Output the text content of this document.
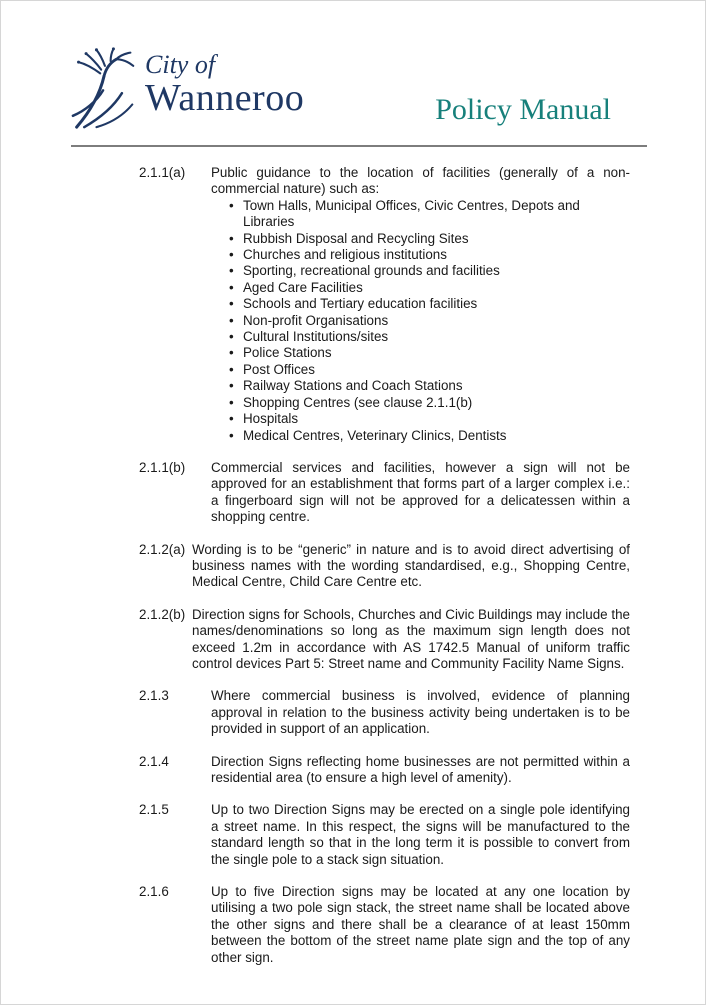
City of
Wanneroo	Policy Manual
2.1.1(a)	Public guidance to the location of facilities (generally of a non-commercial nature) such as:

• Town Halls, Municipal Offices, Civic Centres, Depots and Libraries
• Rubbish Disposal and Recycling Sites
• Churches and religious institutions
• Sporting, recreational grounds and facilities
• Aged Care Facilities
• Schools and Tertiary education facilities
• Non-profit Organisations
• Cultural Institutions/sites
• Police Stations
• Post Offices
• Railway Stations and Coach Stations
• Shopping Centres (see clause 2.1.1(b)
• Hospitals
• Medical Centres, Veterinary Clinics, Dentists
2.1.1(b)	Commercial services and facilities, however a sign will not be approved for an establishment that forms part of a larger complex i.e.: a fingerboard sign will not be approved for a delicatessen within a shopping centre.

2.1.2(a) Wording is to be “generic” in nature and is to avoid direct advertising of business names with the wording standardised, e.g., Shopping Centre, Medical Centre, Child Care Centre etc.

2.1.2(b) Direction signs for Schools, Churches and Civic Buildings may include the names/denominations so long as the maximum sign length does not exceed 1.2m in accordance with AS 1742.5 Manual of uniform traffic control devices Part 5: Street name and Community Facility Name Signs.

2.1.3	Where commercial business is involved, evidence of planning approval in relation to the business activity being undertaken is to be provided in support of an application.

2.1.4	Direction Signs reflecting home businesses are not permitted within a residential area (to ensure a high level of amenity).

2.1.5	Up to two Direction Signs may be erected on a single pole identifying a street name. In this respect, the signs will be manufactured to the standard length so that in the long term it is possible to convert from the single pole to a stack sign situation.

2.1.6	Up to five Direction signs may be located at any one location by utilising a two pole sign stack, the street name shall be located above the other signs and there shall be a clearance of at least 150mm between the bottom of the street name plate sign and the top of any other sign.
